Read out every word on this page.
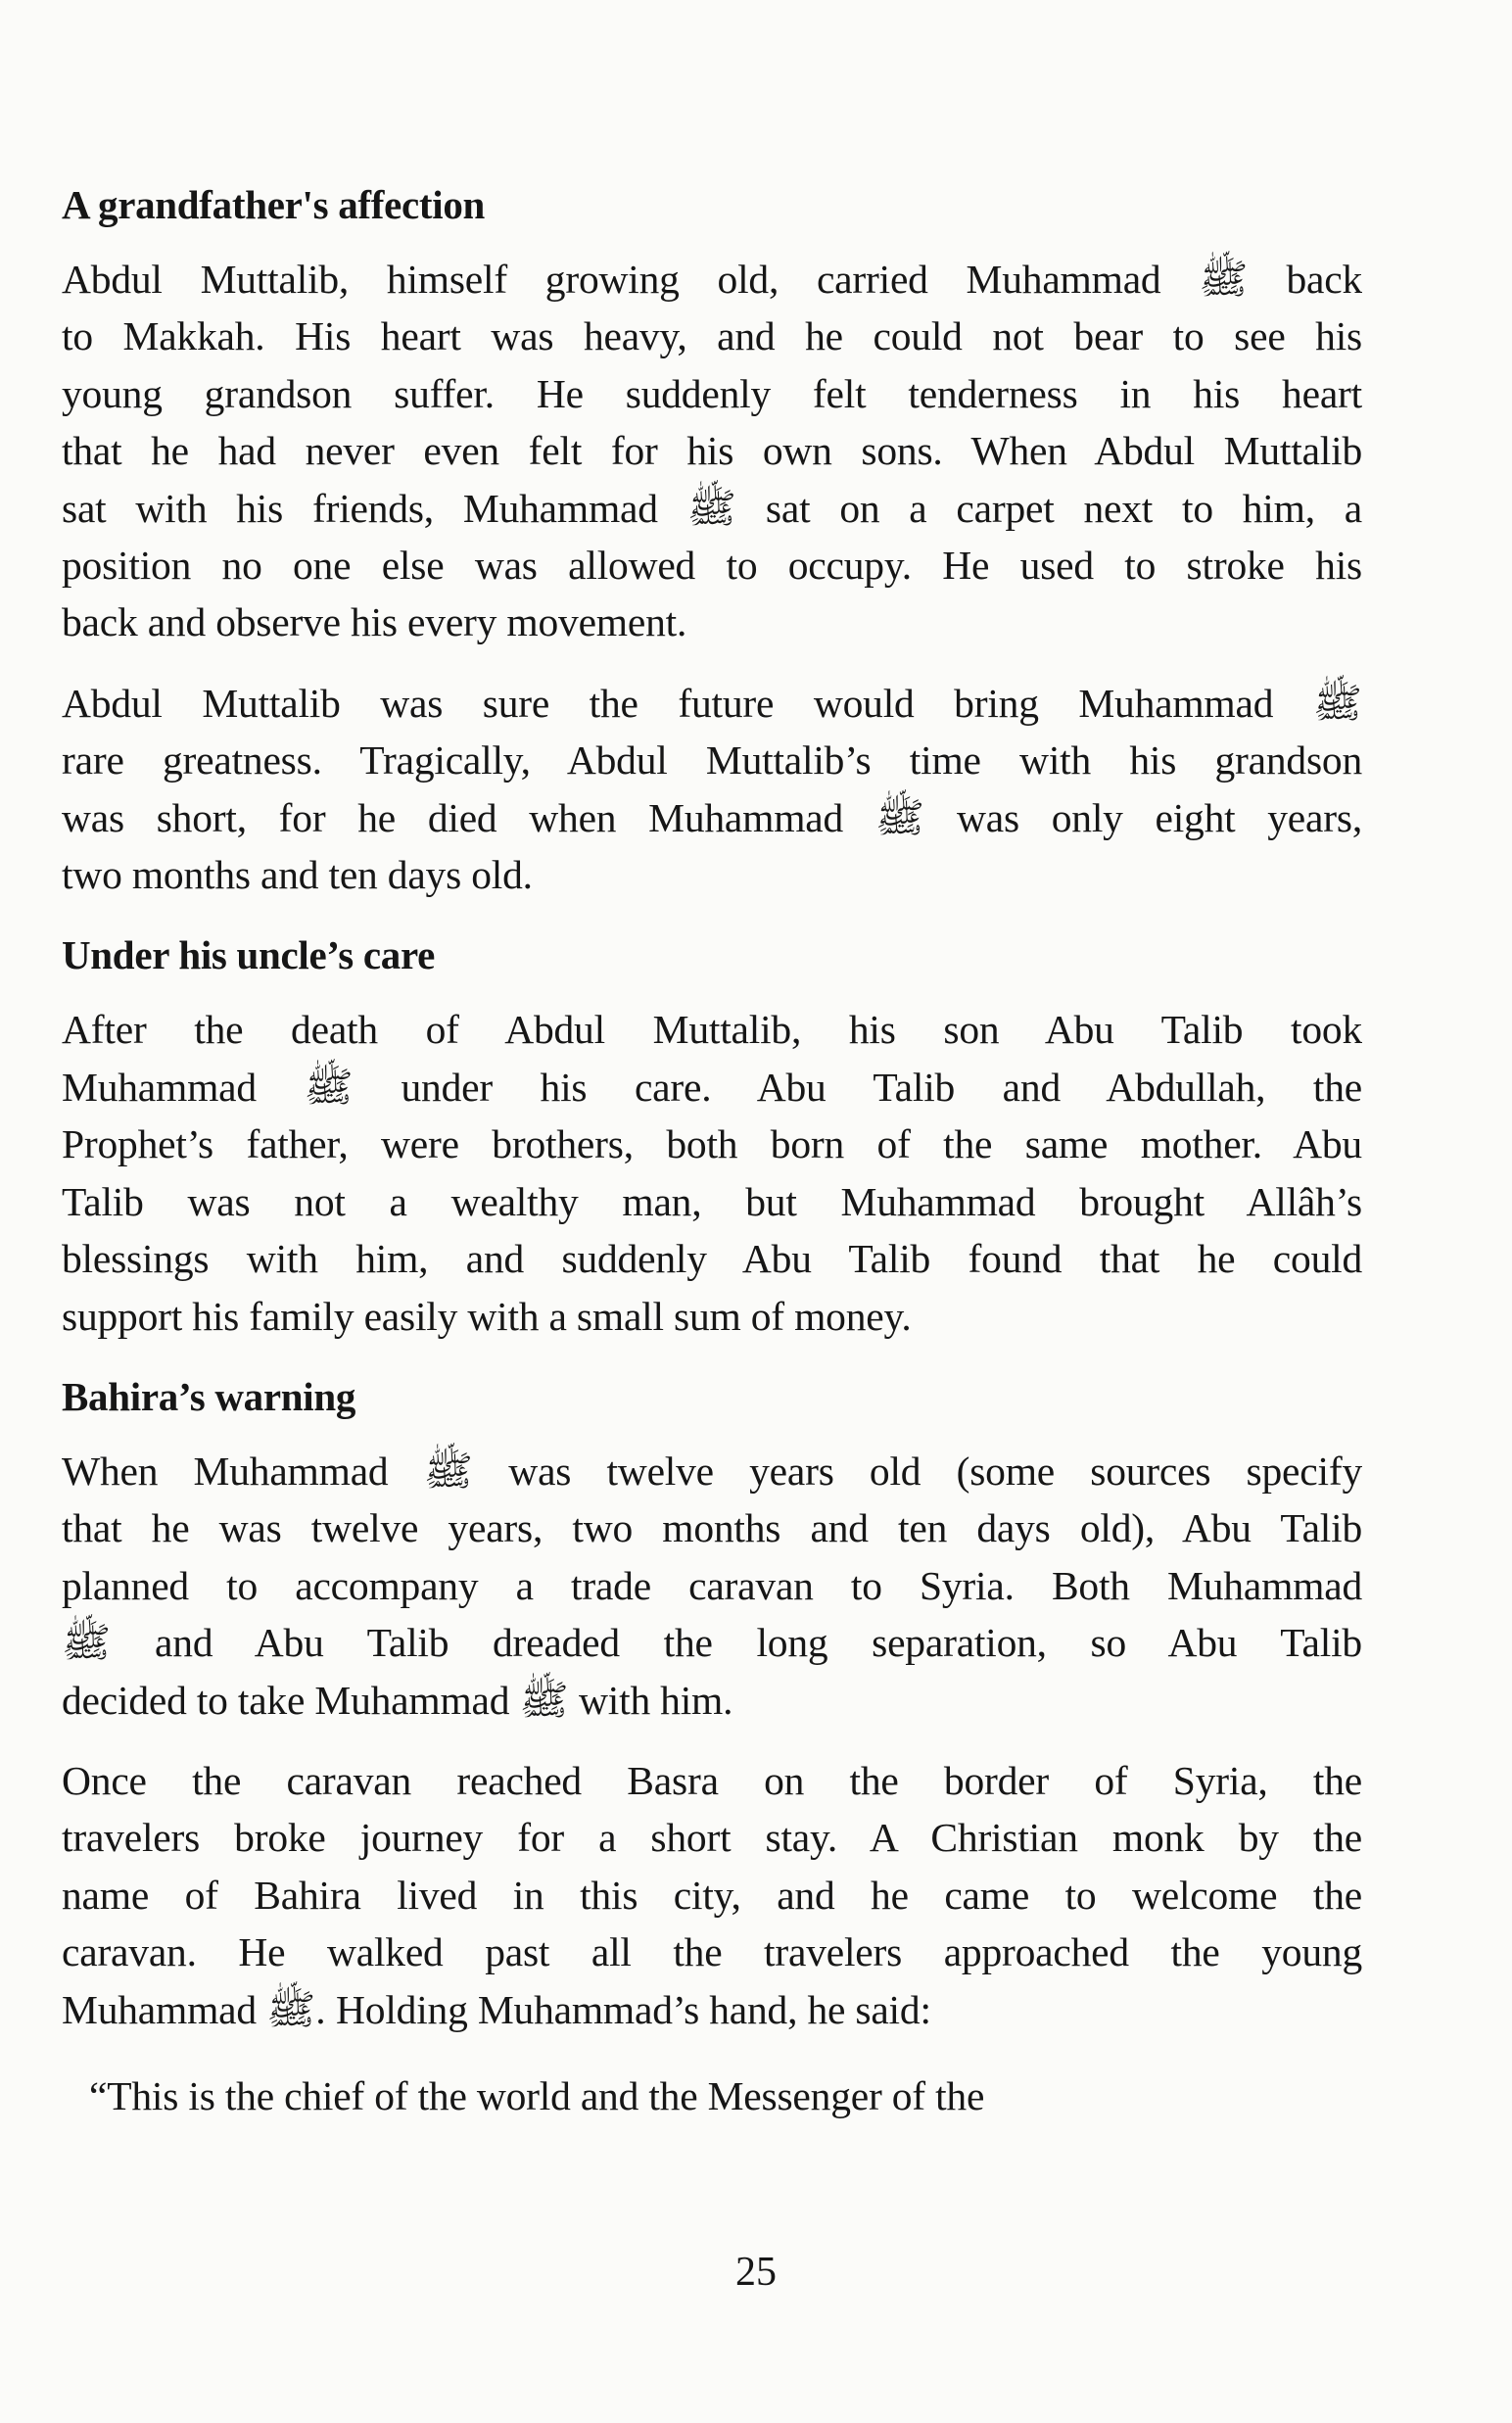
A grandfather's affection
Abdul Muttalib, himself growing old, carried Muhammad ﷺ back
to Makkah. His heart was heavy, and he could not bear to see his
young grandson suffer. He suddenly felt tenderness in his heart
that he had never even felt for his own sons. When Abdul Muttalib
sat with his friends, Muhammad ﷺ sat on a carpet next to him, a
position no one else was allowed to occupy. He used to stroke his
back and observe his every movement.
Abdul Muttalib was sure the future would bring Muhammad ﷺ
rare greatness. Tragically, Abdul Muttalib’s time with his grandson
was short, for he died when Muhammad ﷺ was only eight years,
two months and ten days old.
Under his uncle’s care
After the death of Abdul Muttalib, his son Abu Talib took
Muhammad ﷺ under his care. Abu Talib and Abdullah, the
Prophet’s father, were brothers, both born of the same mother. Abu
Talib was not a wealthy man, but Muhammad brought Allâh’s
blessings with him, and suddenly Abu Talib found that he could
support his family easily with a small sum of money.
Bahira’s warning
When Muhammad ﷺ was twelve years old (some sources specify
that he was twelve years, two months and ten days old), Abu Talib
planned to accompany a trade caravan to Syria. Both Muhammad
ﷺ and Abu Talib dreaded the long separation, so Abu Talib
decided to take Muhammad ﷺ with him.
Once the caravan reached Basra on the border of Syria, the
travelers broke journey for a short stay. A Christian monk by the
name of Bahira lived in this city, and he came to welcome the
caravan. He walked past all the travelers approached the young
Muhammad ﷺ. Holding Muhammad’s hand, he said:
“This is the chief of the world and the Messenger of the
25
